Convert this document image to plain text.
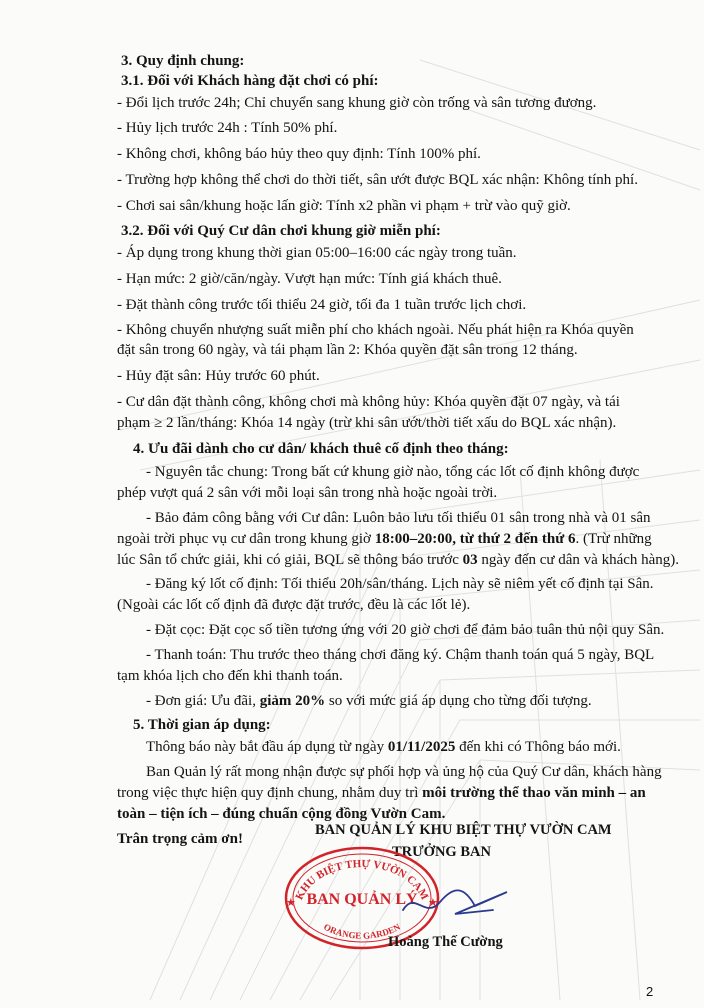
3. Quy định chung:
3.1. Đối với Khách hàng đặt chơi có phí:
- Đổi lịch trước 24h; Chỉ chuyển sang khung giờ còn trống và sân tương đương.
- Hủy lịch trước 24h : Tính 50% phí.
- Không chơi, không báo hủy theo quy định: Tính 100% phí.
- Trường hợp không thể chơi do thời tiết, sân ướt được BQL xác nhận: Không tính phí.
- Chơi sai sân/khung hoặc lấn giờ: Tính x2 phần vi phạm + trừ vào quỹ giờ.
3.2. Đối với Quý Cư dân chơi khung giờ miễn phí:
- Áp dụng trong khung thời gian 05:00–16:00 các ngày trong tuần.
- Hạn mức: 2 giờ/căn/ngày. Vượt hạn mức: Tính giá khách thuê.
- Đặt thành công trước tối thiểu 24 giờ, tối đa 1 tuần trước lịch chơi.
- Không chuyển nhượng suất miễn phí cho khách ngoài. Nếu phát hiện ra Khóa quyền
đặt sân trong 60 ngày, và tái phạm lần 2: Khóa quyền đặt sân trong 12 tháng.
- Hủy đặt sân: Hủy trước 60 phút.
- Cư dân đặt thành công, không chơi mà không hủy: Khóa quyền đặt 07 ngày, và tái
phạm ≥ 2 lần/tháng: Khóa 14 ngày (trừ khi sân ướt/thời tiết xấu do BQL xác nhận).
4. Ưu đãi dành cho cư dân/ khách thuê cố định theo tháng:
- Nguyên tắc chung: Trong bất cứ khung giờ nào, tổng các lốt cố định không được
phép vượt quá 2 sân với mỗi loại sân trong nhà hoặc ngoài trời.
- Bảo đảm công bằng với Cư dân: Luôn bảo lưu tối thiểu 01 sân trong nhà và 01 sân
ngoài trời phục vụ cư dân trong khung giờ 18:00–20:00, từ thứ 2 đến thứ 6. (Trừ những
lúc Sân tổ chức giải, khi có giải, BQL sẽ thông báo trước 03 ngày đến cư dân và khách hàng).
- Đăng ký lốt cố định: Tối thiểu 20h/sân/tháng. Lịch này sẽ niêm yết cố định tại Sân.
(Ngoài các lốt cố định đã được đặt trước, đều là các lốt lẻ).
- Đặt cọc: Đặt cọc số tiền tương ứng với 20 giờ chơi để đảm bảo tuân thủ nội quy Sân.
- Thanh toán: Thu trước theo tháng chơi đăng ký. Chậm thanh toán quá 5 ngày, BQL
tạm khóa lịch cho đến khi thanh toán.
- Đơn giá: Ưu đãi, giảm 20% so với mức giá áp dụng cho từng đối tượng.
5. Thời gian áp dụng:
Thông báo này bắt đầu áp dụng từ ngày 01/11/2025 đến khi có Thông báo mới.
Ban Quản lý rất mong nhận được sự phối hợp và ủng hộ của Quý Cư dân, khách hàng
trong việc thực hiện quy định chung, nhằm duy trì môi trường thể thao văn minh – an
toàn – tiện ích – đúng chuẩn cộng đồng Vườn Cam.
Trân trọng cảm ơn!
BAN QUẢN LÝ KHU BIỆT THỰ VƯỜN CAM
TRƯỞNG BAN
KHU BIỆT THỰ VƯỜN CAM
ORANGE GARDEN
BAN QUẢN LÝ
★	★
Hoàng Thế Cường
2
